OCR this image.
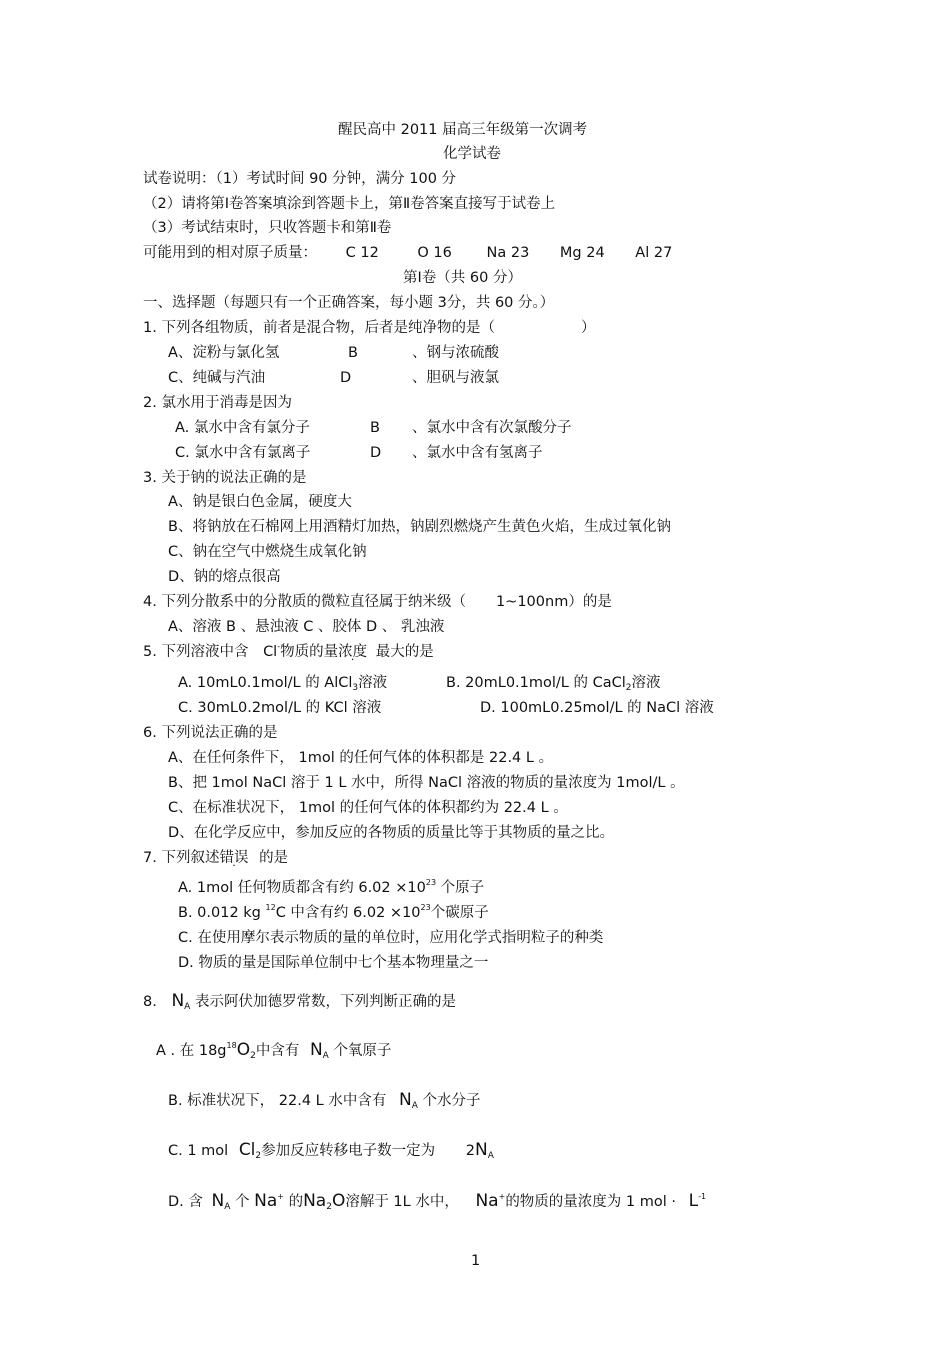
醒民高中 2011 届高三年级第一次调考
化学试卷
试卷说明：（1）考试时间 90 分钟，满分 100 分
（2）请将第Ⅰ卷答案填涂到答题卡上，第Ⅱ卷答案直接写于试卷上
（3）考试结束时，只收答题卡和第Ⅱ卷
可能用到的相对原子质量： C 12	O 16 Na 23 Mg 24 Al 27
第Ⅰ卷（共 60 分）
一、选择题（每题只有一个正确答案，每小题 3分，共 60 分。）
1. 下列各组物质，前者是混合物，后者是纯净物的是（	）
A、淀粉与氯化氢	B	、钢与浓硫酸
C、纯碱与汽油	D	、胆矾与液氯
2. 氯水用于消毒是因为
A. 氯水中含有氯分子	B 、氯水中含有次氯酸分子
C. 氯水中含有氯离子	D 、氯水中含有氢离子
3. 关于钠的说法正确的是
A、钠是银白色金属，硬度大
B、将钠放在石棉网上用酒精灯加热，钠剧烈燃烧产生黄色火焰，生成过氧化钠
C、钠在空气中燃烧生成氧化钠
D、钠的熔点很高
4. 下列分散系中的分散质的微粒直径属于纳米级（ 1~100nm）的是
A、溶液 B 、悬浊液 C 、胶体 D 、 乳浊液
5. 下列溶液中含 Cl-物质的量浓度 最大的是
A. 10mL0.1mol/L 的 AlCl$_3$溶液	B. 20mL0.1mol/L 的 CaCl$_2$溶液
C. 30mL0.2mol/L 的 KCl 溶液	D. 100mL0.25mol/L 的 NaCl 溶液
6. 下列说法正确的是
A、在任何条件下， 1mol 的任何气体的体积都是 22.4 L 。
B、把 1mol NaCl 溶于 1 L 水中，所得 NaCl 溶液的物质的量浓度为 1mol/L 。
C、在标准状况下， 1mol 的任何气体的体积都约为 22.4 L 。
D、在化学反应中，参加反应的各物质的质量比等于其物质的量之比。
7. 下列叙述错误 的是
A. 1mol 任何物质都含有约 $6.02 \times 10^{23}$ 个原子
B. 0.012 kg $^{12}$C 中含有约 $6.02 \times 10^{23}$个碳原子
C. 在使用摩尔表示物质的量的单位时，应用化学式指明粒子的种类
D. 物质的量是国际单位制中七个基本物理量之一
8. $N_A$ 表示阿伏加德罗常数，下列判断正确的是
A . 在 $18g^{18}O_2$中含有 $N_A$ 个氧原子
B. 标准状况下， 22.4 L 水中含有 $N_A$ 个水分子
C. 1 mol $Cl_2$参加反应转移电子数一定为 $2N_A$
D. 含 $N_A$ 个 Na+ 的$Na_2O$溶解于 1L 水中， Na+的物质的量浓度为 1 mol · $L^{-1}$
1
